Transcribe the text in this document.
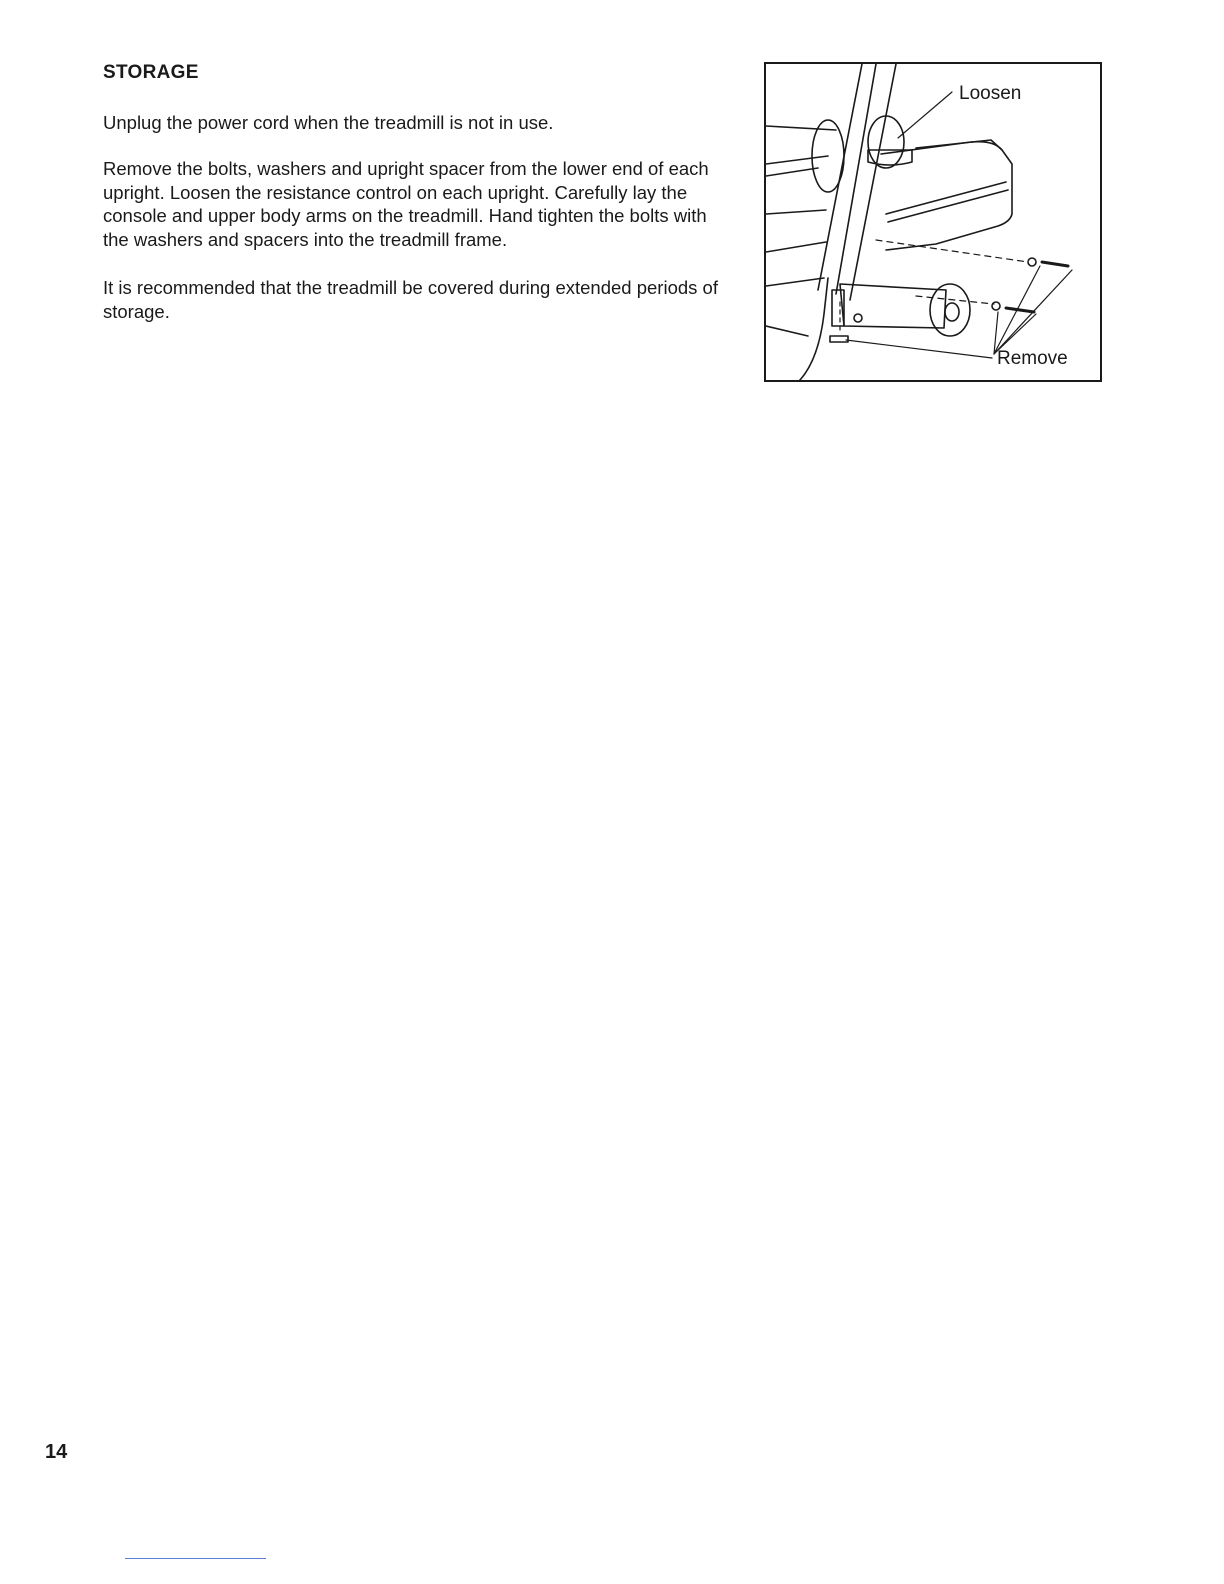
STORAGE

Unplug the power cord when the treadmill is not in use.

Remove the bolts, washers and upright spacer from the lower end of each upright. Loosen the resistance control on each upright. Carefully lay the console and upper body arms on the treadmill. Hand tighten the bolts with the washers and spacers into the treadmill frame.

It is recommended that the treadmill be covered during extended periods of storage.

Loosen
Remove

14
